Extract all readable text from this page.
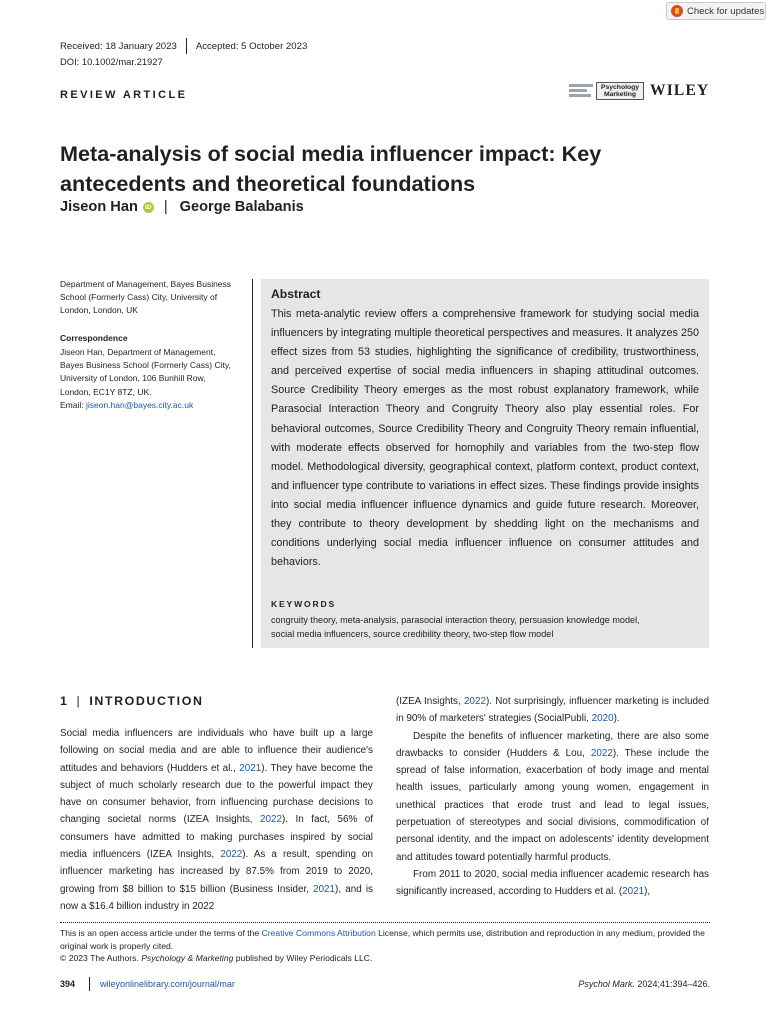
Check for updates
Received: 18 January 2023 Accepted: 5 October 2023
DOI: 10.1002/mar.21927
REVIEW ARTICLE
Psychology
Marketing WILEY
Meta-analysis of social media influencer impact: Key
antecedents and theoretical foundations
Jiseon Han	iD | George Balabanis
Department of Management, Bayes Business School (Formerly Cass) City, University of London, London, UK
Correspondence
Jiseon Han, Department of Management,
Bayes Business School (Formerly Cass) City,
University of London, 106 Bunhill Row,
London, EC1Y 8TZ, UK.
Email: jiseon.han@bayes.city.ac.uk
Abstract
This meta-analytic review offers a comprehensive framework for studying social media influencers by integrating multiple theoretical perspectives and measures. It analyzes 250 effect sizes from 53 studies, highlighting the significance of credibility, trustworthiness, and perceived expertise of social media influencers in shaping attitudinal outcomes. Source Credibility Theory emerges as the most robust explanatory framework, while Parasocial Interaction Theory and Congruity Theory also play essential roles. For behavioral outcomes, Source Credibility Theory and Congruity Theory remain influential, with moderate effects observed for homophily and variables from the two-step flow model. Methodological diversity, geographical context, platform context, product context, and influencer type contribute to variations in effect sizes. These findings provide insights into social media influencer influence dynamics and guide future research. Moreover, they contribute to theory development by shedding light on the mechanisms and conditions underlying social media influencer influence on consumer attitudes and behaviors.
KEYWORDS
congruity theory, meta-analysis, parasocial interaction theory, persuasion knowledge model,
social media influencers, source credibility theory, two-step flow model
1 | INTRODUCTION

Social media influencers are individuals who have built up a large following on social media and are able to influence their audience's attitudes and behaviors (Hudders et al., 2021). They have become the subject of much scholarly research due to the powerful impact they have on consumer behavior, from influencing purchase decisions to changing societal norms (IZEA Insights, 2022). In fact, 56% of consumers have admitted to making purchases inspired by social media influencers (IZEA Insights, 2022). As a result, spending on influencer marketing has increased by 87.5% from 2019 to 2020, growing from $8 billion to $15 billion (Business Insider, 2021), and is now a $16.4 billion industry in 2022

(IZEA Insights, 2022). Not surprisingly, influencer marketing is included in 90% of marketers' strategies (SocialPubli, 2020).

Despite the benefits of influencer marketing, there are also some drawbacks to consider (Hudders & Lou, 2022). These include the spread of false information, exacerbation of body image and mental health issues, particularly among young women, engagement in unethical practices that erode trust and lead to legal issues, perpetuation of stereotypes and social divisions, commodification of personal identity, and the impact on adolescents' identity development and attitudes toward potentially harmful products.

From 2011 to 2020, social media influencer academic research has significantly increased, according to Hudders et al. (2021),

This is an open access article under the terms of the Creative Commons Attribution License, which permits use, distribution and reproduction in any medium, provided the original work is properly cited.
© 2023 The Authors. Psychology & Marketing published by Wiley Periodicals LLC.
394	wileyonlinelibrary.com/journal/mar	Psychol Mark. 2024;41:394–426.
